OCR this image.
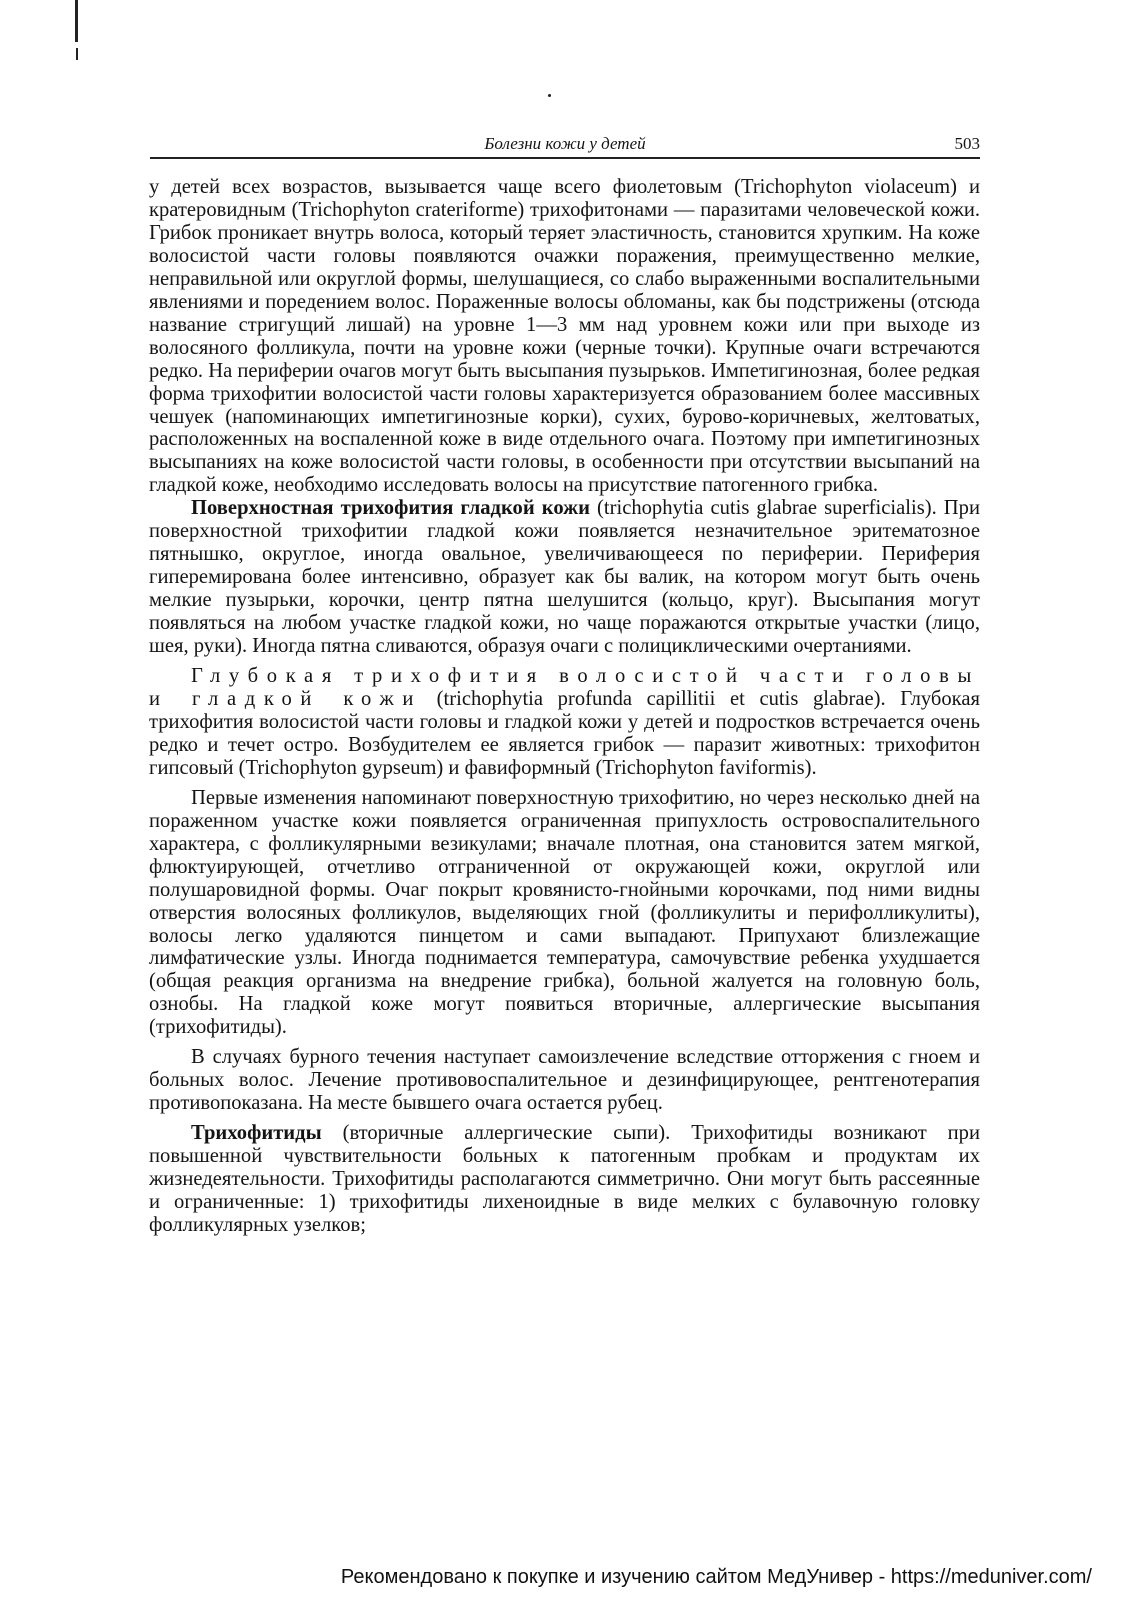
Болезни кожи у детей	503

у детей всех возрастов, вызывается чаще всего фиолетовым (Trichophyton violaceum) и кратеровидным (Trichophyton crateriforme) трихофитонами — паразитами человеческой кожи. Грибок проникает внутрь волоса, который теряет эластичность, становится хрупким. На коже волосистой части головы появляются очажки поражения, преимущественно мелкие, неправильной или округлой формы, шелушащиеся, со слабо выраженными воспалительными явлениями и поредением волос. Пораженные волосы обломаны, как бы подстрижены (отсюда название стригущий лишай) на уровне 1—3 мм над уровнем кожи или при выходе из волосяного фолликула, почти на уровне кожи (черные точки). Крупные очаги встречаются редко. На периферии очагов могут быть высыпания пузырьков. Импетигинозная, более редкая форма трихофитии волосистой части головы характеризуется образованием более массивных чешуек (напоминающих импетигинозные корки), сухих, бурово-коричневых, желтоватых, расположенных на воспаленной коже в виде отдельного очага. Поэтому при импетигинозных высыпаниях на коже волосистой части головы, в особенности при отсутствии высыпаний на гладкой коже, необходимо исследовать волосы на присутствие патогенного грибка.

Поверхностная трихофития гладкой кожи (trichophytia cutis glabrae superficialis). При поверхностной трихофитии гладкой кожи появляется незначительное эритематозное пятнышко, округлое, иногда овальное, увеличивающееся по периферии. Периферия гиперемирована более интенсивно, образует как бы валик, на котором могут быть очень мелкие пузырьки, корочки, центр пятна шелушится (кольцо, круг). Высыпания могут появляться на любом участке гладкой кожи, но чаще поражаются открытые участки (лицо, шея, руки). Иногда пятна сливаются, образуя очаги с полициклическими очертаниями.

Глубокая трихофития волосистой части головы и гладкой кожи (trichophytia profunda capillitii et cutis glabrae). Глубокая трихофития волосистой части головы и гладкой кожи у детей и подростков встречается очень редко и течет остро. Возбудителем ее является грибок — паразит животных: трихофитон гипсовый (Trichophyton gypseum) и фавиформный (Trichophyton faviformis).

Первые изменения напоминают поверхностную трихофитию, но через несколько дней на пораженном участке кожи появляется ограниченная припухлость островоспалительного характера, с фолликулярными везикулами; вначале плотная, она становится затем мягкой, флюктуирующей, отчетливо отграниченной от окружающей кожи, округлой или полушаровидной формы. Очаг покрыт кровянисто-гнойными корочками, под ними видны отверстия волосяных фолликулов, выделяющих гной (фолликулиты и перифолликулиты), волосы легко удаляются пинцетом и сами выпадают. Припухают близлежащие лимфатические узлы. Иногда поднимается температура, самочувствие ребенка ухудшается (общая реакция организма на внедрение грибка), больной жалуется на головную боль, ознобы. На гладкой коже могут появиться вторичные, аллергические высыпания (трихофитиды).

В случаях бурного течения наступает самоизлечение вследствие отторжения с гноем и больных волос. Лечение противовоспалительное и дезинфицирующее, рентгенотерапия противопоказана. На месте бывшего очага остается рубец.

Трихофитиды (вторичные аллергические сыпи). Трихофитиды возникают при повышенной чувствительности больных к патогенным пробкам и продуктам их жизнедеятельности. Трихофитиды располагаются симметрично. Они могут быть рассеянные и ограниченные: 1) трихофитиды лихеноидные в виде мелких с булавочную головку фолликулярных узелков;

Рекомендовано к покупке и изучению сайтом МедУнивер - https://meduniver.com/
